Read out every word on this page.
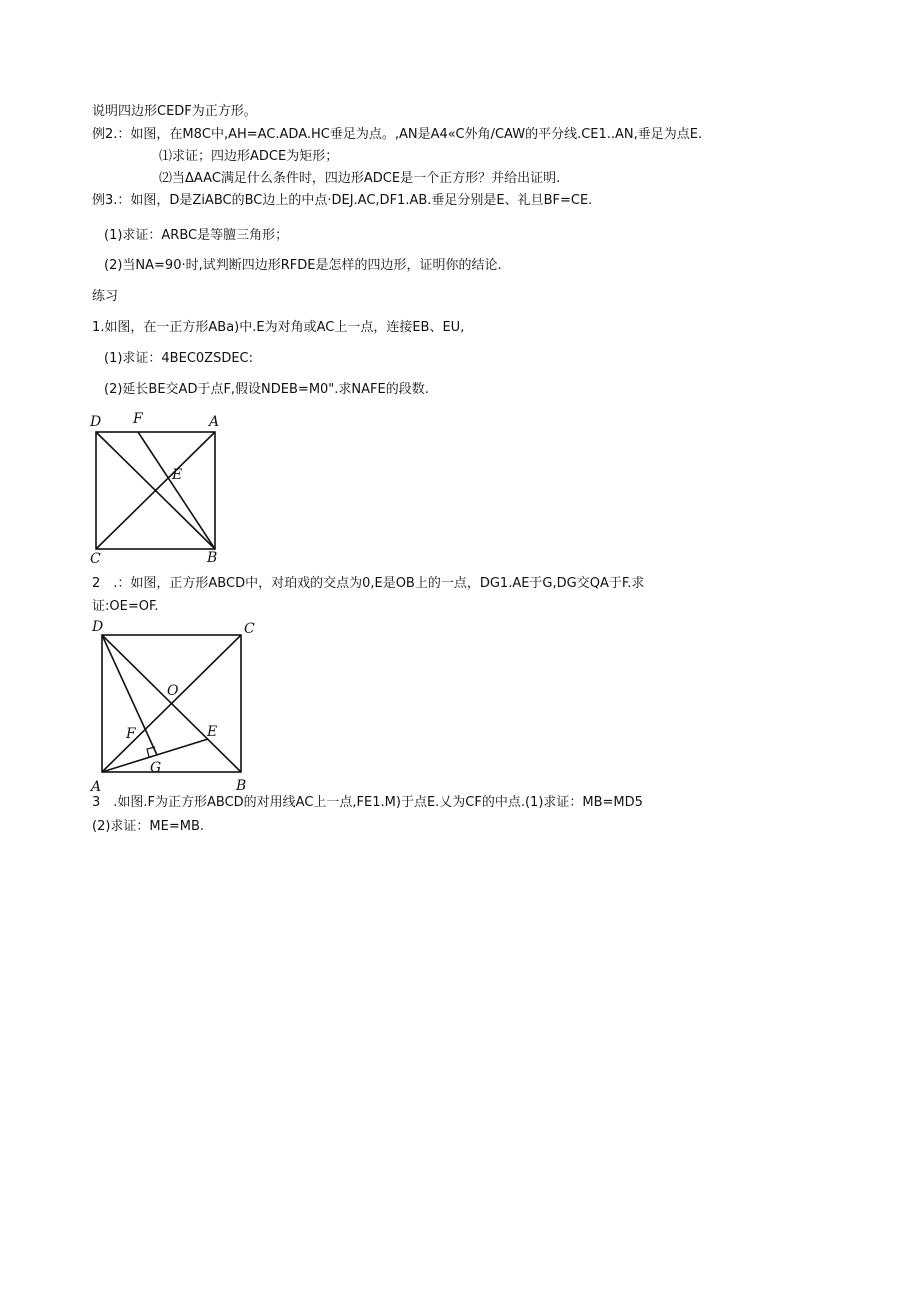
说明四边形CEDF为正方形。
例2.：如图，在M8C中,AH=AC.ADA.HC垂足为点。,AN是A4«C外角/CAW的平分线.CE1..AN,垂足为点E.
⑴求证；四边形ADCE为矩形；
⑵当ΔAAC满足什么条件时，四边形ADCE是一个正方形？并给出证明.
例3.：如图，D是ZiABC的BC边上的中点·DEJ.AC,DF1.AB.垂足分别是E、礼旦BF=CE.
(1)求证：ARBC是等膻三角形；
(2)当NA=90·时,试判断四边形RFDE是怎样的四边形，证明你的结论.
练习
1.如图，在一正方形ABa)中.E为对角或AC上一点，连接EB、EU,
(1)求证：4BEC0ZSDEC:
(2)延长BE交AD于点F,假设NDEB=M0".求NAFE的段数.
D F	A
E
C	B
2　.：如图，正方形ABCD中，对珀戏的交点为0,E是OB上的一点，DG1.AE于G,DG交QA于F.求
证:OE=OF.
D	C
O
F	E
G
A	B
3　.如图.F为正方形ABCD的对用线AC上一点,FE1.M)于点E.乂为CF的中点.(1)求证：MB=MD5
(2)求证：ME=MB.
